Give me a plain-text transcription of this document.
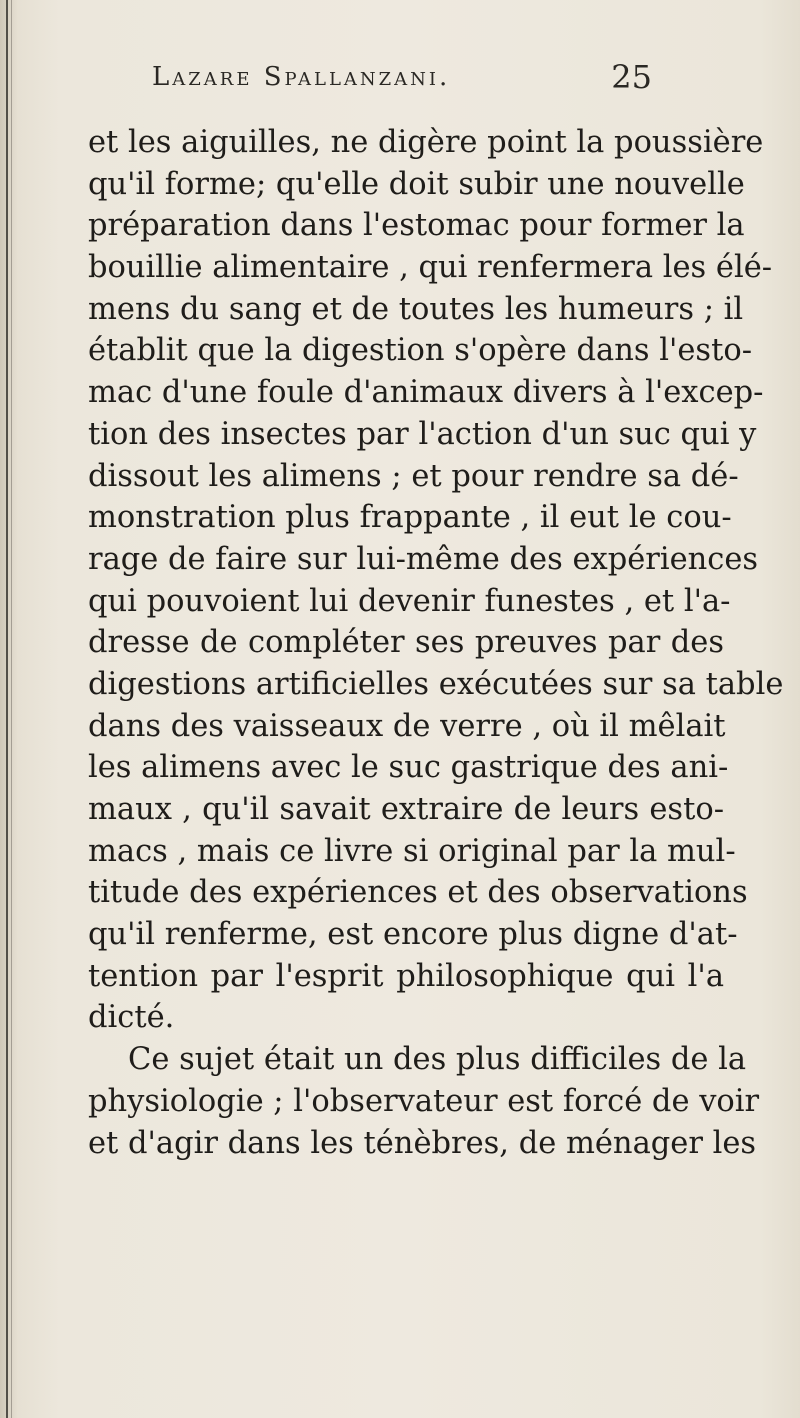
Lazare Spallanzani.	25
et les aiguilles, ne digère point la poussière
qu'il forme; qu'elle doit subir une nouvelle
préparation dans l'estomac pour former la
bouillie alimentaire , qui renfermera les élé-
mens du sang et de toutes les humeurs ; il
établit que la digestion s'opère dans l'esto-
mac d'une foule d'animaux divers à l'excep-
tion des insectes par l'action d'un suc qui y
dissout les alimens ; et pour rendre sa dé-
monstration plus frappante , il eut le cou-
rage de faire sur lui-même des expériences
qui pouvoient lui devenir funestes , et l'a-
dresse de compléter ses preuves par des
digestions artificielles exécutées sur sa table
dans des vaisseaux de verre , où il mêlait
les alimens avec le suc gastrique des ani-
maux , qu'il savait extraire de leurs esto-
macs , mais ce livre si original par la mul-
titude des expériences et des observations
qu'il renferme, est encore plus digne d'at-
tention par l'esprit philosophique qui l'a
dicté.
Ce sujet était un des plus difficiles de la
physiologie ; l'observateur est forcé de voir
et d'agir dans les ténèbres, de ménager les
